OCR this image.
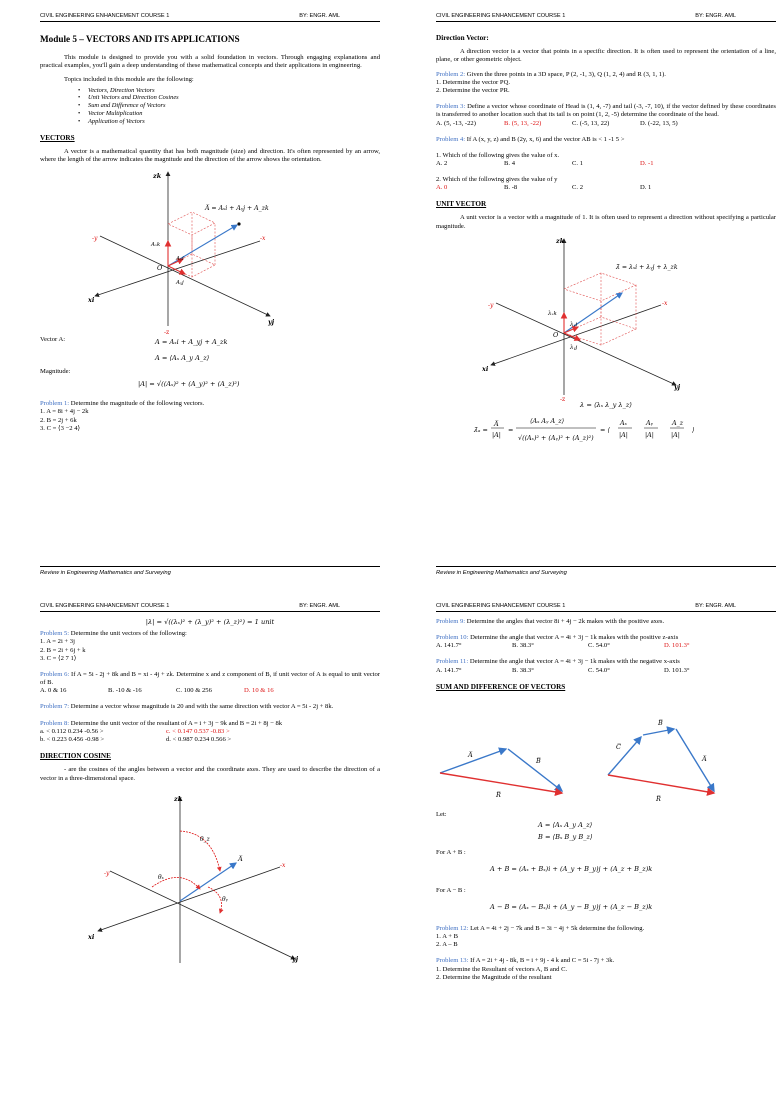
CIVIL ENGINEERING ENHANCEMENT COURSE 1	BY: ENGR. AML
Module 5 – VECTORS AND ITS APPLICATIONS

This module is designed to provide you with a solid foundation in vectors. Through engaging explanations and practical examples, you'll gain a deep understanding of these mathematical concepts and their applications in engineering.

Topics included in this module are the following:

• Vectors, Direction Vectors
• Unit Vectors and Direction Cosines
• Sum and Difference of Vectors
• Vector Multiplication
• Application of Vectors
VECTORS

A vector is a mathematical quantity that has both magnitude (size) and direction. It's often represented by an arrow, where the length of the arrow indicates the magnitude and the direction of the arrow shows the orientation.

zk
-y	-x
xi
yj
-z
O
Aₓk
Aᵧi
Aᵧj
A̅ = Aₓi + Aᵧj + A_zk
Vector A:	A = Aₓi + A_yj + A_zk
A = ⟨Aₓ A_y A_z⟩
Magnitude:
|A| = √((Aₓ)² + (A_y)² + (A_z)²)

Problem 1: Determine the magnitude of the following vectors.

1. A = 8i + 4j − 2k

2. B = 2j + 6k

3. C = ⟨3 −2 4⟩

Review in Engineering Mathematics and Surveying
CIVIL ENGINEERING ENHANCEMENT COURSE 1	BY: ENGR. AML
Direction Vector:

A direction vector is a vector that points in a specific direction. It is often used to represent the orientation of a line, plane, or other geometric object.

Problem 2: Given the three points in a 3D space, P (2, -1, 3), Q (1, 2, 4) and R (3, 1, 1).

1. Determine the vector PQ.

2. Determine the vector PR.

Problem 3: Define a vector whose coordinate of Head is (1, 4, -7) and tail (-3, -7, 10), if the vector defined by these coordinates is transferred to another location such that its tail is on point (1, 2, -5) determine the coordinate of the head.

A. (5, -13, -22)	B. (5, 13, -22)	C. (-5, 13, 22)	D. (-22, 13, 5)

Problem 4: If A (x, y, z) and B (2y, x, 6) and the vector AB is < 1 -1 5 >

1. Which of the following gives the value of x.

A. 2	B. 4	C. 1	D. -1

2. Which of the following gives the value of y

A. 0	B. -8	C. 2	D. 1
UNIT VECTOR

A unit vector is a vector with a magnitude of 1. It is often used to represent a direction without specifying a particular magnitude.

zk
-y	-x
xi
yj
-z
O
λₓk
λᵧi
λᵧj
λ̄ = λₓi + λᵧj + λ_zk
λ = ⟨λₓ λ_y λ_z⟩
λ̄ₐ =
A̅
|A|
=
⟨Aₓ Aᵧ A_z⟩
√((Aₓ)² + (Aᵧ)² + (A_z)²)
= ⟨
Aₓ
|A|
Aᵧ
|A|
A_z
|A|
⟩
Review in Engineering Mathematics and Surveying
CIVIL ENGINEERING ENHANCEMENT COURSE 1	BY: ENGR. AML
|λ| = √((λₓ)² + (λ_y)² + (λ_z)²) = 1 unit

Problem 5: Determine the unit vectors of the following:

1. A = 2i + 3j

2. B = 2i + 6j + k

3. C = ⟨2 7 1⟩

Problem 6: If A = 5i - 2j + 8k and B = xi - 4j + zk. Determine x and z component of B, if unit vector of A is equal to unit vector of B.

A. 0 & 16	B. -10 & -16	C. 100 & 256	D. 10 & 16

Problem 7: Determine a vector whose magnitude is 20 and with the same direction with vector A = 5i - 2j + 8k.

Problem 8: Determine the unit vector of the resultant of A = i + 3j − 9k and B = 2i + 8j − 8k

a. < 0.112 0.234 -0.56 >	c. < 0.147 0.537 -0.83 >
b. < 0.223 0.456 -0.98 >	d. < 0.987 0.234 0.566 >
DIRECTION COSINE

- are the cosines of the angles between a vector and the coordinate axes. They are used to describe the direction of a vector in a three-dimensional space.

zk
-y
-x
xi
yj
A̅
θ_z
θₓ
θᵧ
CIVIL ENGINEERING ENHANCEMENT COURSE 1	BY: ENGR. AML

Problem 9: Determine the angles that vector 8i + 4j − 2k makes with the positive axes.

Problem 10: Determine the angle that vector A = 4i + 3j − 1k makes with the positive z-axis

A. 141.7°	B. 38.3°	C. 54.0°	D. 101.3°

Problem 11: Determine the angle that vector A = 4i + 3j − 1k makes with the negative x-axis

A. 141.7°	B. 38.3°	C. 54.0°	D. 101.3°
SUM AND DIFFERENCE OF VECTORS
A̅
B̅
R̅
C̅
B̅
A̅
R̅
Let:
A = ⟨Aₓ A_y A_z⟩
B = ⟨Bₓ B_y B_z⟩
For A + B :
A + B = (Aₓ + Bₓ)i + (A_y + B_y)j + (A_z + B_z)k
For A − B :
A − B = (Aₓ − Bₓ)i + (A_y − B_y)j + (A_z − B_z)k

Problem 12: Let A = 4i + 2j − 7k and B = 3i − 4j + 5k determine the following.

1. A + B

2. A – B

Problem 13: If A = 2i + 4j - 8k, B = i + 9j - 4 k and C = 5i - 7j + 3k.

1. Determine the Resultant of vectors A, B and C.

2. Determine the Magnitude of the resultant
